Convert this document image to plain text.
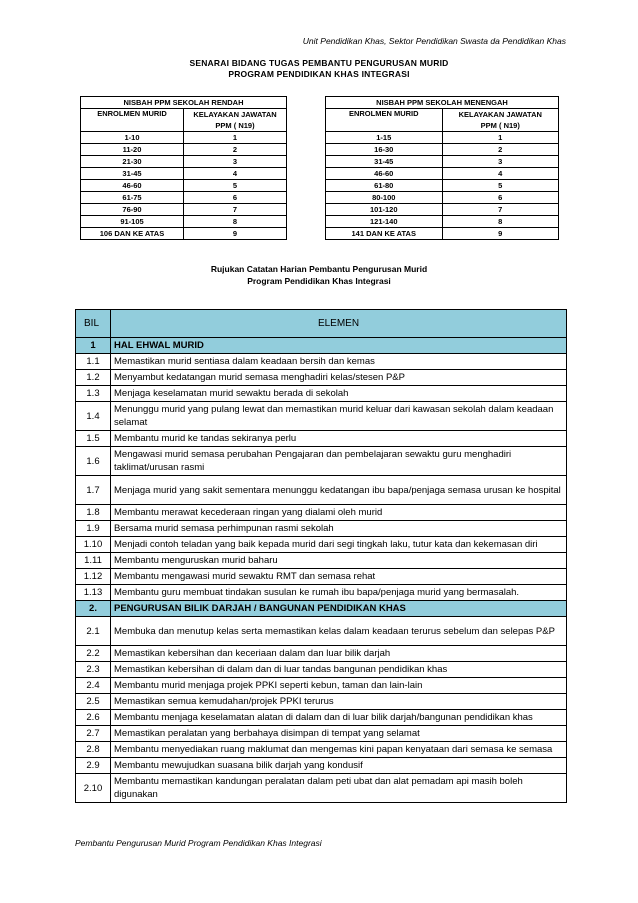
Unit Pendidikan Khas, Sektor Pendidikan Swasta da Pendidikan Khas
SENARAI BIDANG TUGAS PEMBANTU PENGURUSAN MURID
PROGRAM PENDIDIKAN KHAS INTEGRASI
NISBAH PPM SEKOLAH RENDAH	
ENROLMEN MURID	KELAYAKAN JAWATAN
	PPM ( N19)
1-10	1
11-20	2
21-30	3
31-45	4
46-60	5
61-75	6
76-90	7
91-105	8
106 DAN KE ATAS	9
NISBAH PPM SEKOLAH MENENGAH	
ENROLMEN MURID	KELAYAKAN JAWATAN
	PPM ( N19)
1-15	1
16-30	2
31-45	3
46-60	4
61-80	5
80-100	6
101-120	7
121-140	8
141 DAN KE ATAS	9
Rujukan Catatan Harian Pembantu Pengurusan Murid
Program Pendidikan Khas Integrasi
BIL	ELEMEN
1	HAL EHWAL MURID
1.1	Memastikan murid sentiasa dalam keadaan bersih dan kemas
1.2	Menyambut kedatangan murid semasa menghadiri kelas/stesen P&P
1.3	Menjaga keselamatan murid sewaktu berada di sekolah
1.4	Menunggu murid yang pulang lewat dan memastikan murid keluar dari kawasan sekolah dalam keadaan selamat
1.5	Membantu murid ke tandas sekiranya perlu
1.6	Mengawasi murid semasa perubahan Pengajaran dan pembelajaran sewaktu guru menghadiri taklimat/urusan rasmi
1.7	Menjaga murid yang sakit sementara menunggu kedatangan ibu bapa/penjaga semasa urusan ke hospital
1.8	Membantu merawat kecederaan ringan yang dialami oleh murid
1.9	Bersama murid semasa perhimpunan rasmi sekolah
1.10	Menjadi contoh teladan yang baik kepada murid dari segi tingkah laku, tutur kata dan kekemasan diri
1.11	Membantu menguruskan murid baharu
1.12	Membantu mengawasi murid sewaktu RMT dan semasa rehat
1.13	Membantu guru membuat tindakan susulan ke rumah ibu bapa/penjaga murid yang bermasalah.
2.	PENGURUSAN BILIK DARJAH / BANGUNAN PENDIDIKAN KHAS
2.1	Membuka dan menutup kelas serta memastikan kelas dalam keadaan terurus sebelum dan selepas P&P
2.2	Memastikan kebersihan dan keceriaan dalam dan luar bilik darjah
2.3	Memastikan kebersihan di dalam dan di luar tandas bangunan pendidikan khas
2.4	Membantu murid menjaga projek PPKI seperti kebun, taman dan lain-lain
2.5	Memastikan semua kemudahan/projek PPKI terurus
2.6	Membantu menjaga keselamatan alatan di dalam dan di luar bilik darjah/bangunan pendidikan khas
2.7	Memastikan peralatan yang berbahaya disimpan di tempat yang selamat
2.8	Membantu menyediakan ruang maklumat dan mengemas kini papan kenyataan dari semasa ke semasa
2.9	Membantu mewujudkan suasana bilik darjah yang kondusif
2.10	Membantu memastikan kandungan peralatan dalam peti ubat dan alat pemadam api masih boleh digunakan
Pembantu Pengurusan Murid Program Pendidikan Khas Integrasi
